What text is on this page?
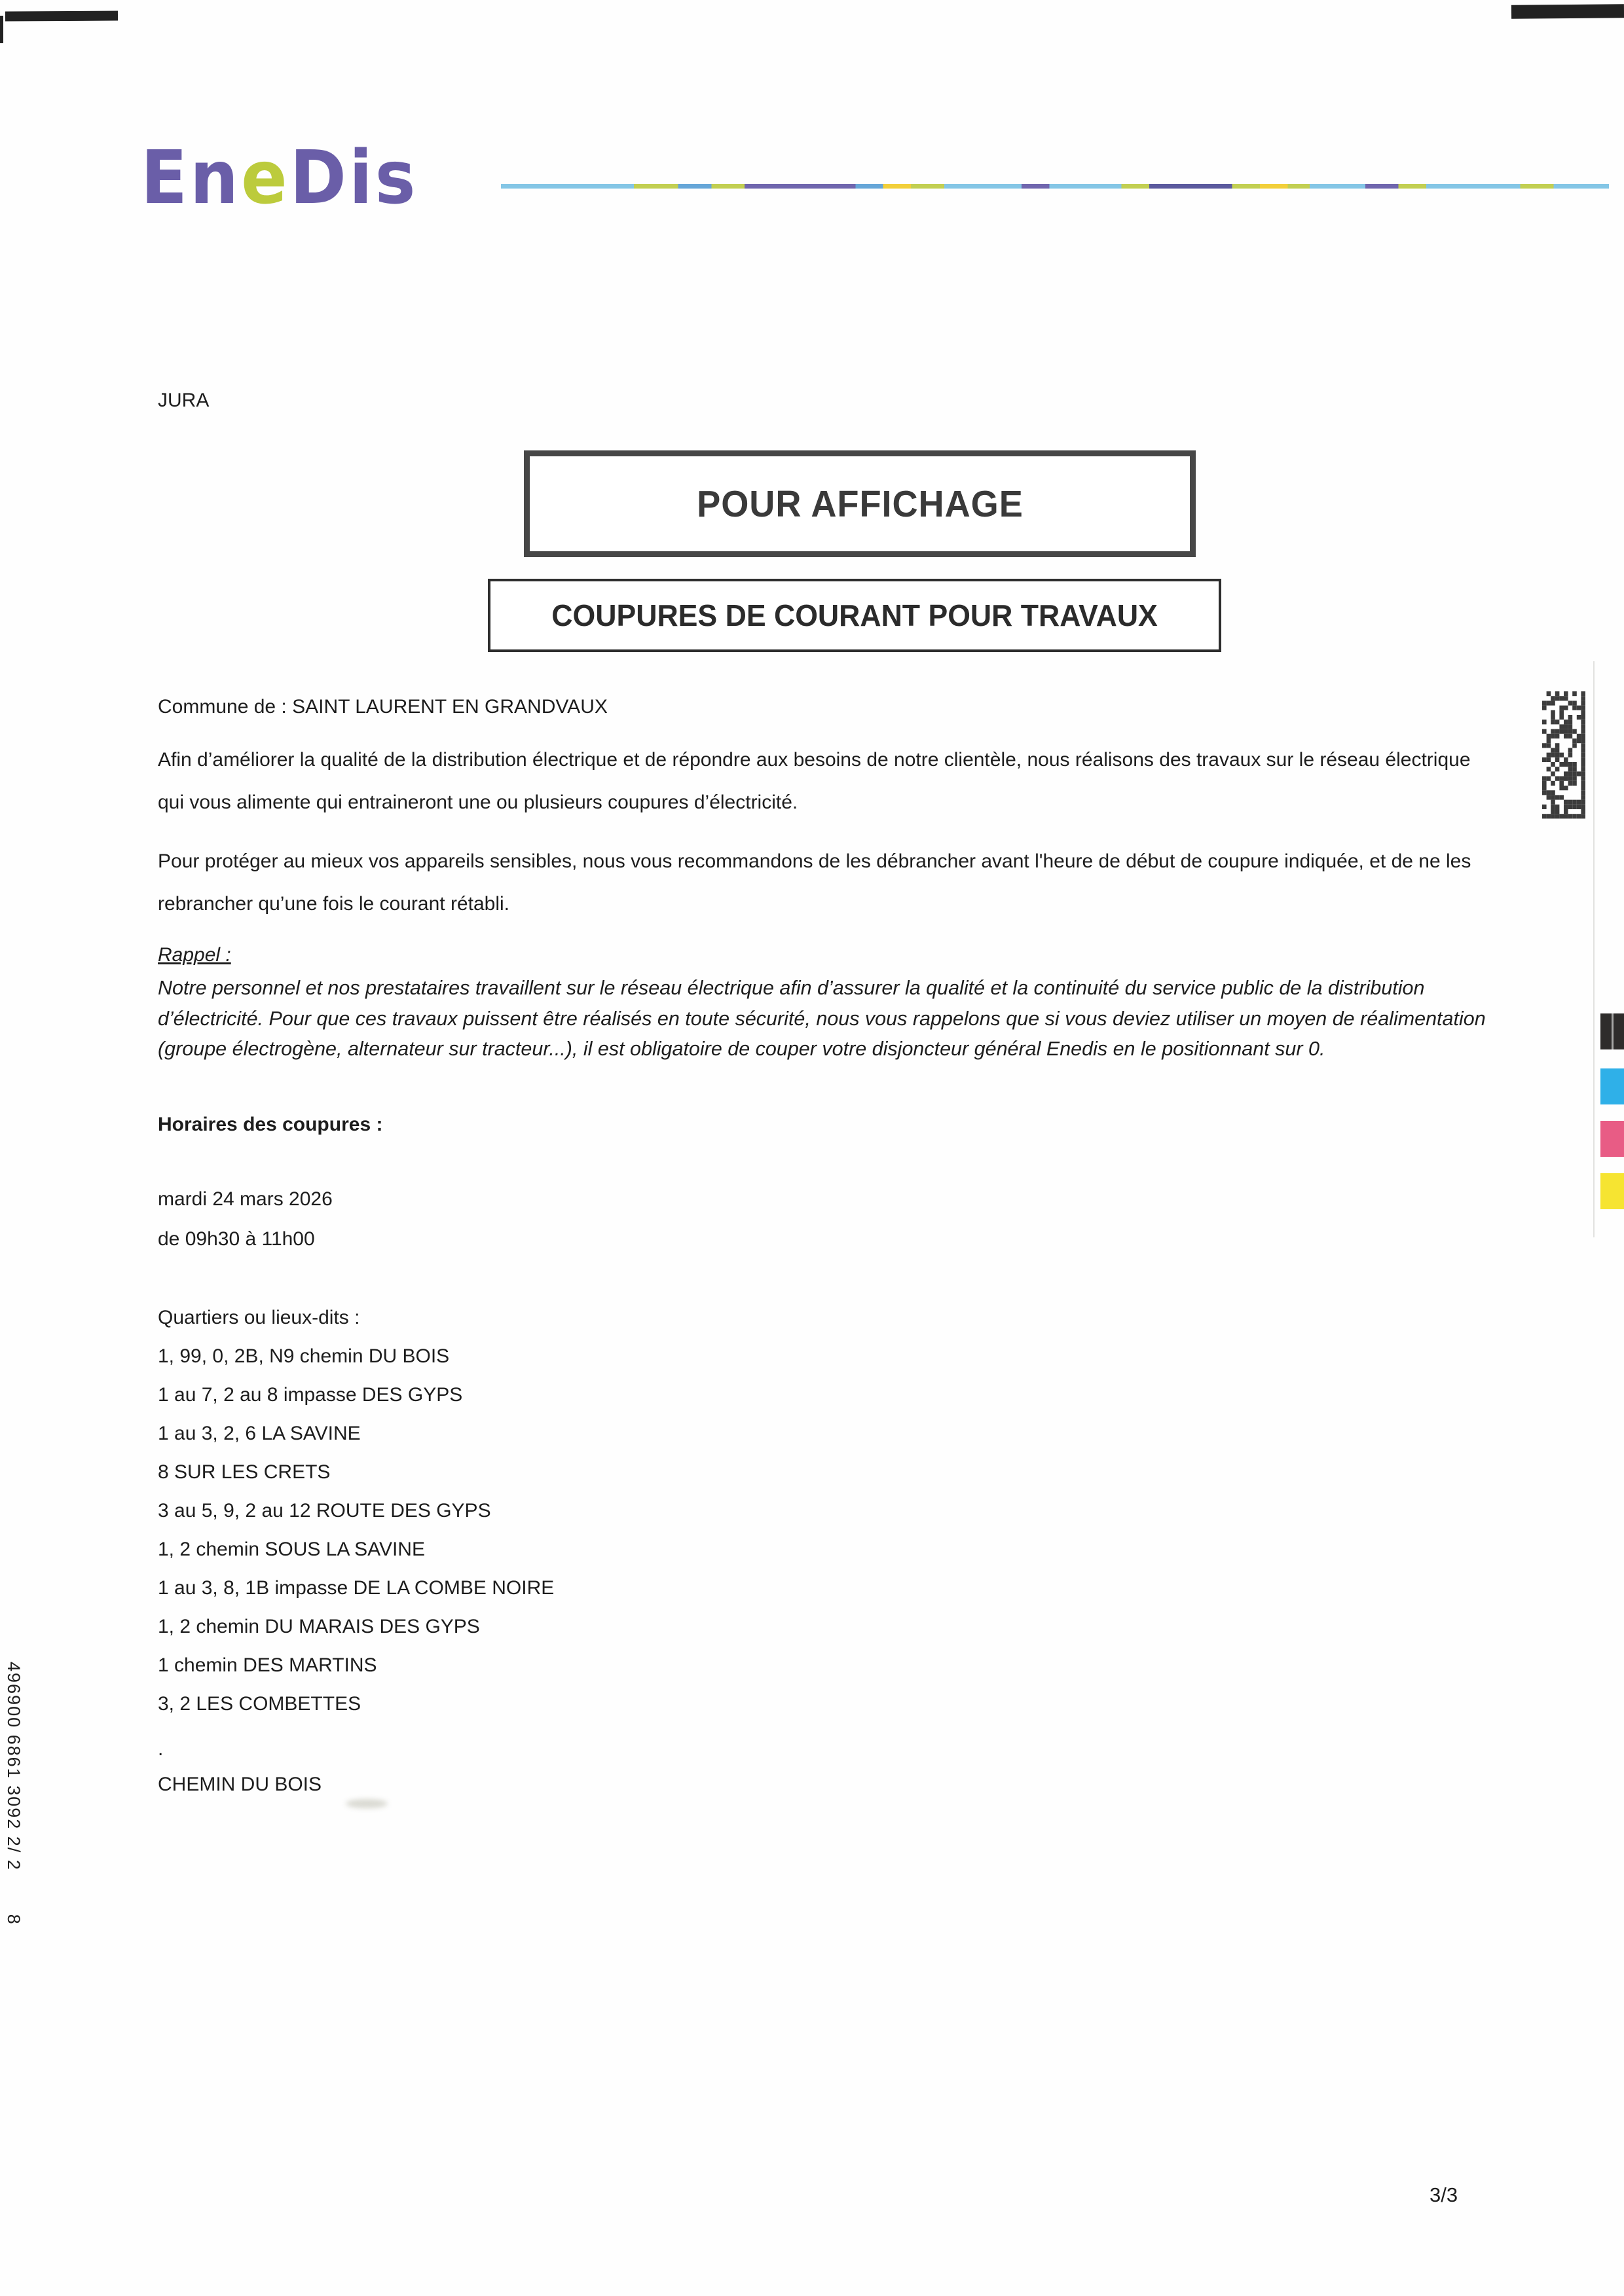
EneDis
JURA
POUR AFFICHAGE
COUPURES DE COURANT POUR TRAVAUX
Commune de : SAINT LAURENT EN GRANDVAUX
Afin d’améliorer la qualité de la distribution électrique et de répondre aux besoins de notre clientèle, nous réalisons des travaux sur le réseau électrique qui vous alimente qui entraineront une ou plusieurs coupures d’électricité.
Pour protéger au mieux vos appareils sensibles, nous vous recommandons de les débrancher avant l'heure de début de coupure indiquée, et de ne les rebrancher qu’une fois le courant rétabli.
Rappel :
Notre personnel et nos prestataires travaillent sur le réseau électrique afin d’assurer la qualité et la continuité du service public de la distribution d’électricité. Pour que ces travaux puissent être réalisés en toute sécurité, nous vous rappelons que si vous deviez utiliser un moyen de réalimentation (groupe électrogène, alternateur sur tracteur...), il est obligatoire de couper votre disjoncteur général Enedis en le positionnant sur 0.
Horaires des coupures :
mardi 24 mars 2026
de 09h30 à 11h00
Quartiers ou lieux-dits :
1, 99, 0, 2B, N9 chemin DU BOIS
1 au 7, 2 au 8 impasse DES GYPS
1 au 3, 2, 6 LA SAVINE
8 SUR LES CRETS
3 au 5, 9, 2 au 12 ROUTE DES GYPS
1, 2 chemin SOUS LA SAVINE
1 au 3, 8, 1B impasse DE LA COMBE NOIRE
1, 2 chemin DU MARAIS DES GYPS
1 chemin DES MARTINS
3, 2 LES COMBETTES
.
CHEMIN DU BOIS
496900 6861 3092 2/ 28
3/3
